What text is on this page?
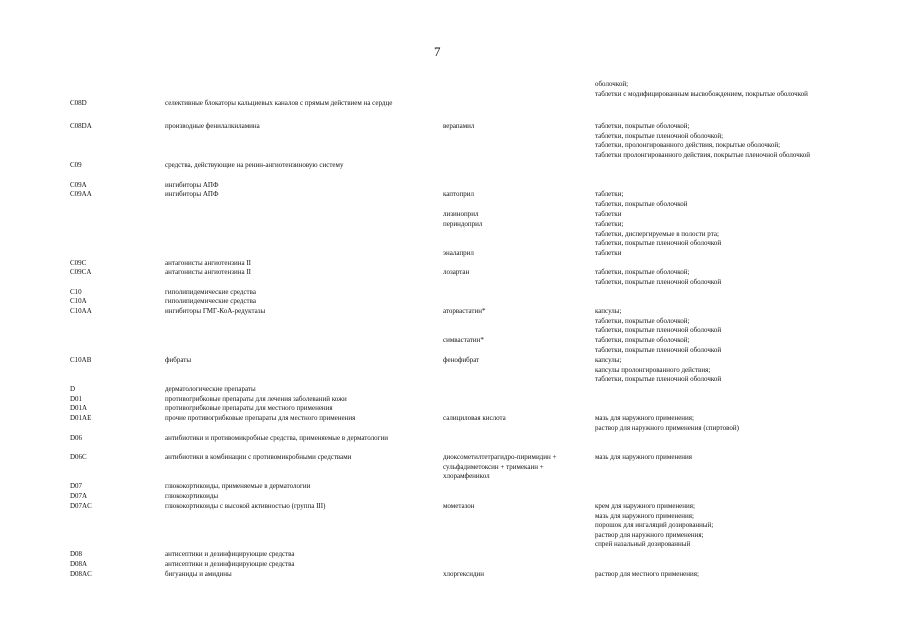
7
оболочкой;
таблетки с модифицированным высвобождением, покрытые оболочкой
C08D	селективные блокаторы кальциевых каналов с прямым действием на сердце
C08DA	производные фенилалкиламина	верапамил	таблетки, покрытые оболочкой;
таблетки, покрытые пленочной оболочкой;
таблетки, пролонгированного действия, покрытые оболочкой;
таблетки пролонгированного действия, покрытые пленочной оболочкой
C09	средства, действующие на ренин-ангиотензиновую систему
C09A	ингибиторы АПФ
C09AA	ингибиторы АПФ	каптоприл	таблетки;
таблетки, покрытые оболочкой
лизиноприл	таблетки
периндоприл	таблетки;
таблетки, диспергируемые в полости рта;
таблетки, покрытые пленочной оболочкой
эналаприл	таблетки
C09C	антагонисты ангиотензина II
C09CA	антагонисты ангиотензина II	лозартан	таблетки, покрытые оболочкой;
таблетки, покрытые пленочной оболочкой
C10	гиполипидемические средства
C10A	гиполипидемические средства
C10AA	ингибиторы ГМГ-КоА-редуктазы	аторвастатин*	капсулы;
таблетки, покрытые оболочкой;
таблетки, покрытые пленочной оболочкой
симвастатин*	таблетки, покрытые оболочкой;
таблетки, покрытые пленочной оболочкой
C10AB	фибраты	фенофибрат	капсулы;
капсулы пролонгированного действия;
таблетки, покрытые пленочной оболочкой
D	дерматологические препараты
D01	противогрибковые препараты для лечения заболеваний кожи
D01A	противогрибковые препараты для местного применения
D01AE	прочие противогрибковые препараты для местного применения	салициловая кислота	мазь для наружного применения;
раствор для наружного применения (спиртовой)
D06	антибиотики и противомикробные средства, применяемые в дерматологии
D06C	антибиотики в комбинации с противомикробными средствами	диоксометилтетрагидро-пиримидин + сульфадиметоксин + тримекаин + хлорамфеникол
мазь для наружного применения
D07	глюкокортикоиды, применяемые в дерматологии
D07A	глюкокортикоиды
D07AC	глюкокортикоиды с высокой активностью (группа III)	мометазон	крем для наружного применения;
мазь для наружного применения;
порошок для ингаляций дозированный;
раствор для наружного применения;
спрей назальный дозированный
D08	антисептики и дезинфицирующие средства
D08A	антисептики и дезинфицирующие средства
D08AC	бигуаниды и амидины	хлоргексидин	раствор для местного применения;
